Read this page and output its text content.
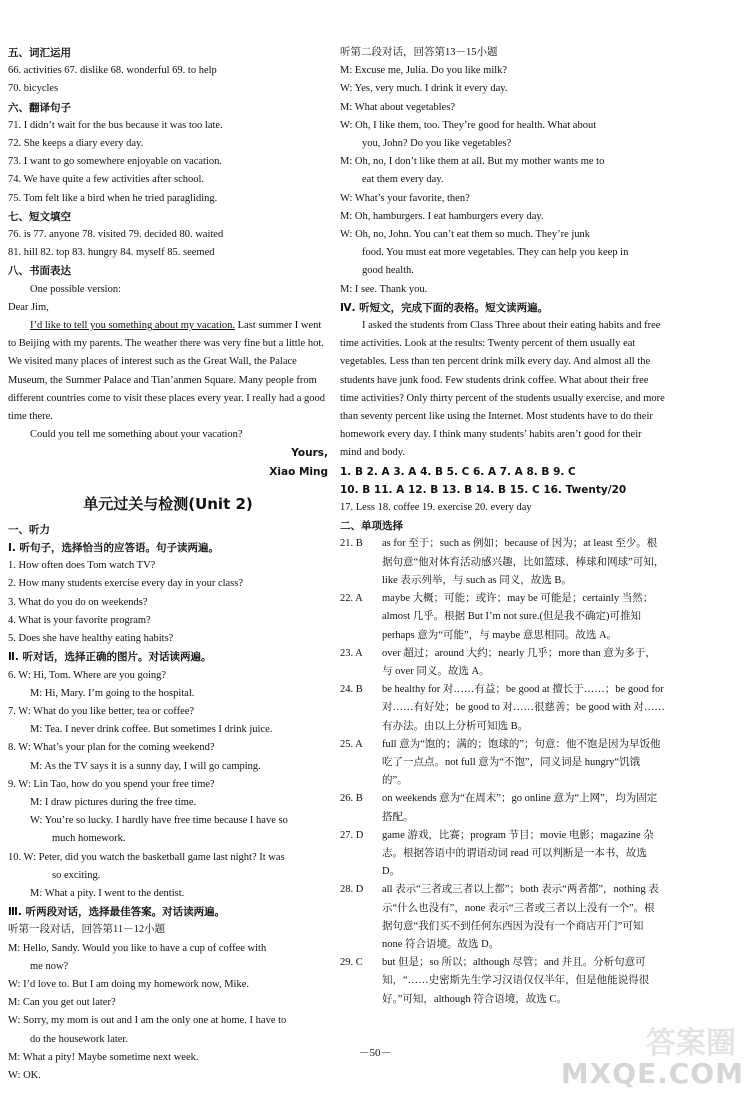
五、词汇运用
66. activities 67. dislike 68. wonderful 69. to help
70. bicycles
六、翻译句子
71. I didn’t wait for the bus because it was too late.
72. She keeps a diary every day.
73. I want to go somewhere enjoyable on vacation.
74. We have quite a few activities after school.
75. Tom felt like a bird when he tried paragliding.
七、短文填空
76. is 77. anyone 78. visited 79. decided 80. waited
81. hill 82. top 83. hungry 84. myself 85. seemed
八、书面表达
One possible version:
Dear Jim,
I’d like to tell you something about my vacation. Last summer I went to Beijing with my parents. The weather there was very fine but a little hot. We visited many places of interest such as the Great Wall, the Palace Museum, the Summer Palace and Tian’anmen Square. Many people from different countries come to visit these places every year. I really had a good time there.
Could you tell me something about your vacation?
Yours,
Xiao Ming
单元过关与检测(Unit 2)
一、听力
Ⅰ. 听句子，选择恰当的应答语。句子读两遍。
1. How often does Tom watch TV?
2. How many students exercise every day in your class?
3. What do you do on weekends?
4. What is your favorite program?
5. Does she have healthy eating habits?
Ⅱ. 听对话，选择正确的图片。对话读两遍。
6. W: Hi, Tom. Where are you going?
M: Hi, Mary. I’m going to the hospital.
7. W: What do you like better, tea or coffee?
M: Tea. I never drink coffee. But sometimes I drink juice.
8. W: What’s your plan for the coming weekend?
M: As the TV says it is a sunny day, I will go camping.
9. W: Lin Tao, how do you spend your free time?
M: I draw pictures during the free time.
W: You’re so lucky. I hardly have free time because I have so
much homework.
10. W: Peter, did you watch the basketball game last night? It was
so exciting.
M: What a pity. I went to the dentist.
Ⅲ. 听两段对话，选择最佳答案。对话读两遍。
听第一段对话，回答第11－12小题
M: Hello, Sandy. Would you like to have a cup of coffee with
me now?
W: I’d love to. But I am doing my homework now, Mike.
M: Can you get out later?
W: Sorry, my mom is out and I am the only one at home. I have to
do the housework later.
M: What a pity! Maybe sometime next week.
W: OK.
听第二段对话，回答第13－15小题
M: Excuse me, Julia. Do you like milk?
W: Yes, very much. I drink it every day.
M: What about vegetables?
W: Oh, I like them, too. They’re good for health. What about
you, John? Do you like vegetables?
M: Oh, no, I don’t like them at all. But my mother wants me to
eat them every day.
W: What’s your favorite, then?
M: Oh, hamburgers. I eat hamburgers every day.
W: Oh, no, John. You can’t eat them so much. They’re junk
food. You must eat more vegetables. They can help you keep in
good health.
M: I see. Thank you.
Ⅳ. 听短文，完成下面的表格。短文读两遍。
I asked the students from Class Three about their eating habits and free time activities. Look at the results: Twenty percent of them usually eat vegetables. Less than ten percent drink milk every day. And almost all the students have junk food. Few students drink coffee. What about their free time activities? Only thirty percent of the students usually exercise, and more than seventy percent like using the Internet. Most students have to do their homework every day. I think many students’ habits aren’t good for their mind and body.
1. B 2. A 3. A 4. B 5. C 6. A 7. A 8. B 9. C
10. B 11. A 12. B 13. B 14. B 15. C 16. Twenty/20
17. Less 18. coffee 19. exercise 20. every day
二、单项选择
21. B	as for 至于；such as 例如；because of 因为；at least 至少。根据句意“他对体育活动感兴趣，比如篮球、棒球和网球”可知，like 表示列举，与 such as 同义，故选 B。
22. A	maybe 大概；可能；或许；may be 可能是；certainly 当然；almost 几乎。根据 But I’m not sure.(但是我不确定)可推知 perhaps 意为“可能”，与 maybe 意思相同。故选 A。
23. A	over 超过；around 大约；nearly 几乎；more than 意为多于，与 over 同义。故选 A。
24. B	be healthy for 对……有益；be good at 擅长于……；be good for 对……有好处；be good to 对……很慈善；be good with 对……有办法。由以上分析可知选 B。
25. A	full 意为“饱的；满的；饱球的”；句意：他不饱是因为早饭他吃了一点点。not full 意为“不饱”，同义词是 hungry“饥饿的”。
26. B	on weekends 意为“在周末”；go online 意为“上网”，均为固定搭配。
27. D	game 游戏，比赛；program 节目；movie 电影；magazine 杂志。根据答语中的谓语动词 read 可以判断是一本书，故选 D。
28. D	all 表示“三者或三者以上都”；both 表示“两者都”，nothing 表示“什么也没有”，none 表示“三者或三者以上没有一个”。根据句意“我们买不到任何东西因为没有一个商店开门”可知 none 符合语境。故选 D。
29. C	but 但是；so 所以；although 尽管；and 并且。分析句意可知，“……史密斯先生学习汉语仅仅半年，但是他能说得很好。”可知，although 符合语境，故选 C。
－50－	答案圈
MXQE.COM
